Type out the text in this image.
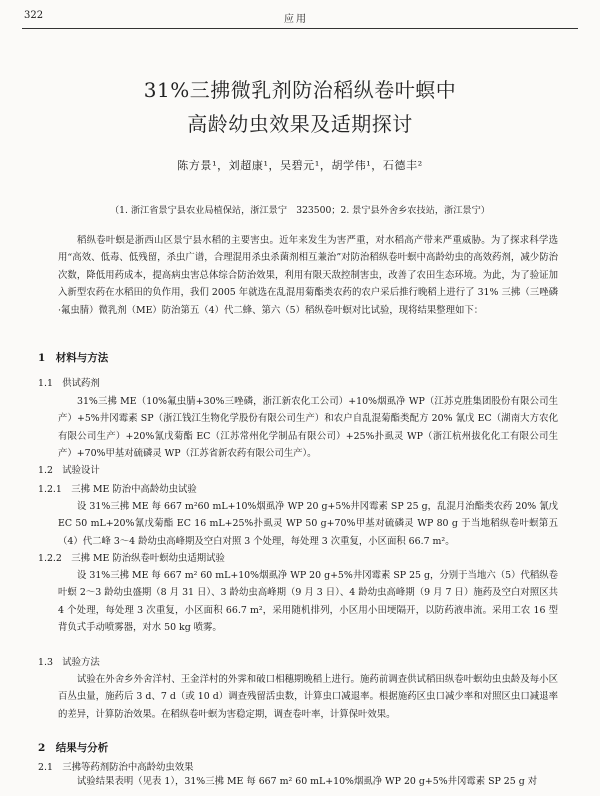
322	应用
31%三拂微乳剂防治稻纵卷叶螟中
高龄幼虫效果及适期探讨
陈方景¹，刘超康¹，吴碧元¹，胡学伟¹，石德丰²
（1. 浙江省景宁县农业局植保站，浙江景宁　323500；2. 景宁县外舍乡农技站，浙江景宁）

稻纵卷叶螟是浙西山区景宁县水稻的主要害虫。近年来发生为害严重，对水稻高产带来严重威胁。为了探求科学选用“高效、低毒、低残留，杀虫广谱，合理混用杀虫杀菌剂相互兼治”对防治稻纵卷叶螟中高龄幼虫的高效药剂，减少防治次数，降低用药成本，提高病虫害总体综合防治效果，利用有限天敌控制害虫，改善了农田生态环境。为此，为了验证加入新型农药在水稻田的负作用，我们 2005 年就选在乱混用菊酯类农药的农户采后推行晚稻上进行了 31% 三拂（三唑磷·氟虫腈）微乳剂（ME）防治第五（4）代二蜂、第六（5）稻纵卷叶螟对比试验，现将结果整理如下：

1　材料与方法
1.1　供试药剂

31%三拂 ME（10%氟虫腈+30%三唑磷，浙江新农化工公司）+10%烟虱净 WP（江苏克胜集团股份有限公司生产）+5%井冈霉素 SP（浙江钱江生物化学股份有限公司生产）和农户自乱混菊酯类配方 20% 氰戊 EC（湖南大方农化有限公司生产）+20%氰戊菊酯 EC（江苏常州化学制品有限公司）+25%扑虱灵 WP（浙江杭州拔化化工有限公司生产）+70%甲基对硫磷灵 WP（江苏省新农药有限公司生产）。

1.2　试验设计
1.2.1　三拂 ME 防治中高龄幼虫试验

设 31%三拂 ME 每 667 m²60 mL+10%烟虱净 WP 20 g+5%井冈霉素 SP 25 g，乱混月治酯类农药 20% 氰戊 EC 50 mL+20%氰戊菊酯 EC 16 mL+25%扑虱灵 WP 50 g+70%甲基对硫磷灵 WP 80 g 于当地稻纵卷叶螟第五（4）代二峰 3～4 龄幼虫高峰期及空白对照 3 个处理，每处理 3 次重复，小区面积 66.7 m²。

1.2.2　三拂 ME 防治纵卷叶螟幼虫适期试验

设 31%三拂 ME 每 667 m² 60 mL+10%烟虱净 WP 20 g+5%井冈霉素 SP 25 g，分别于当地六（5）代稻纵卷叶螟 2～3 龄幼虫盛期（8 月 31 日）、3 龄幼虫高峰期（9 月 3 日）、4 龄幼虫高峰期（9 月 7 日）施药及空白对照区共 4 个处理，每处理 3 次重复，小区面积 66.7 m²，采用随机排列，小区用小田埂隔开，以防药液串流。采用工农 16 型背负式手动喷雾器，对水 50 kg 喷雾。

1.3　试验方法

试验在外舍乡外舍洋村、王金洋村的外霁和破口相穗期晚稻上进行。施药前调查供试稻田纵卷叶螟幼虫虫龄及每小区百丛虫量，施药后 3 d、7 d（或 10 d）调查残留活虫数，计算虫口减退率。根据施药区虫口减少率和对照区虫口减退率的差异，计算防治效果。在稻纵卷叶螟为害稳定期，调查卷叶率，计算保叶效果。

2　结果与分析
2.1　三拂等药剂防治中高龄幼虫效果

试验结果表明（见表 1），31%三拂 ME 每 667 m² 60 mL+10%烟虱净 WP 20 g+5%井冈霉素 SP 25 g 对
